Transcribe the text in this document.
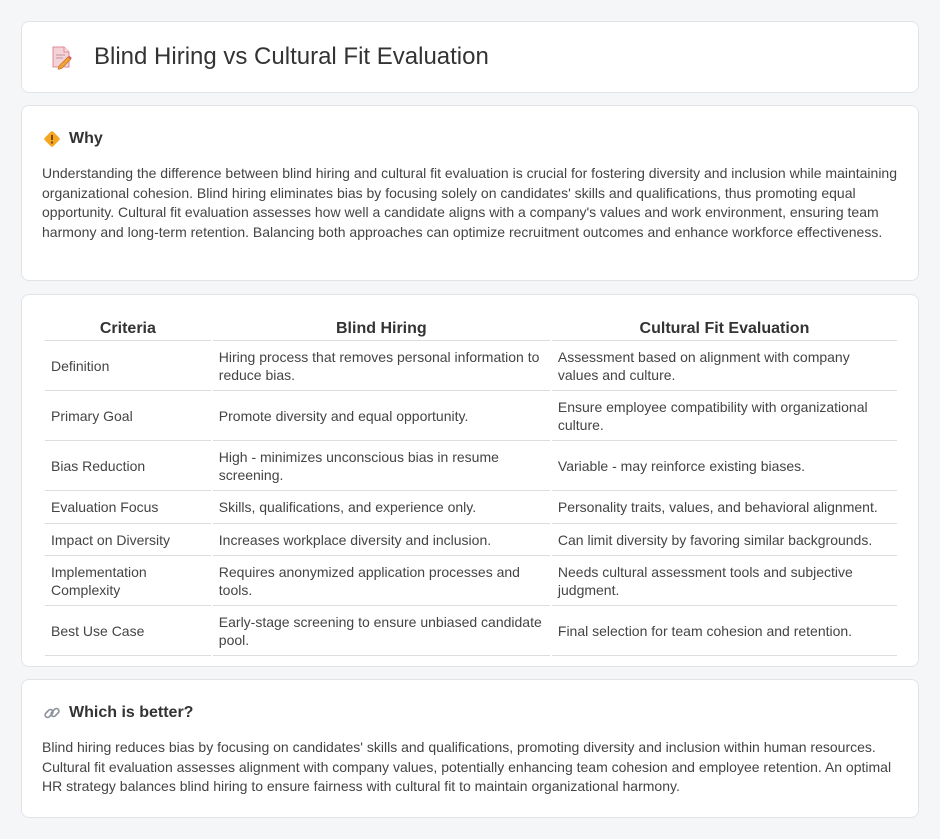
Blind Hiring vs Cultural Fit Evaluation
Why

Understanding the difference between blind hiring and cultural fit evaluation is crucial for fostering diversity and inclusion while maintaining organizational cohesion. Blind hiring eliminates bias by focusing solely on candidates' skills and qualifications, thus promoting equal opportunity. Cultural fit evaluation assesses how well a candidate aligns with a company's values and work environment, ensuring team harmony and long-term retention. Balancing both approaches can optimize recruitment outcomes and enhance workforce effectiveness.

Criteria	Blind Hiring	Cultural Fit Evaluation
Definition	Hiring process that removes personal information to reduce bias.	Assessment based on alignment with company values and culture.
Primary Goal	Promote diversity and equal opportunity.	Ensure employee compatibility with organizational culture.
Bias Reduction	High - minimizes unconscious bias in resume screening.	Variable - may reinforce existing biases.
Evaluation Focus	Skills, qualifications, and experience only.	Personality traits, values, and behavioral alignment.
Impact on Diversity	Increases workplace diversity and inclusion.	Can limit diversity by favoring similar backgrounds.
Implementation Complexity	Requires anonymized application processes and tools.	Needs cultural assessment tools and subjective judgment.
Best Use Case	Early-stage screening to ensure unbiased candidate pool.	Final selection for team cohesion and retention.
Which is better?

Blind hiring reduces bias by focusing on candidates' skills and qualifications, promoting diversity and inclusion within human resources. Cultural fit evaluation assesses alignment with company values, potentially enhancing team cohesion and employee retention. An optimal HR strategy balances blind hiring to ensure fairness with cultural fit to maintain organizational harmony.
